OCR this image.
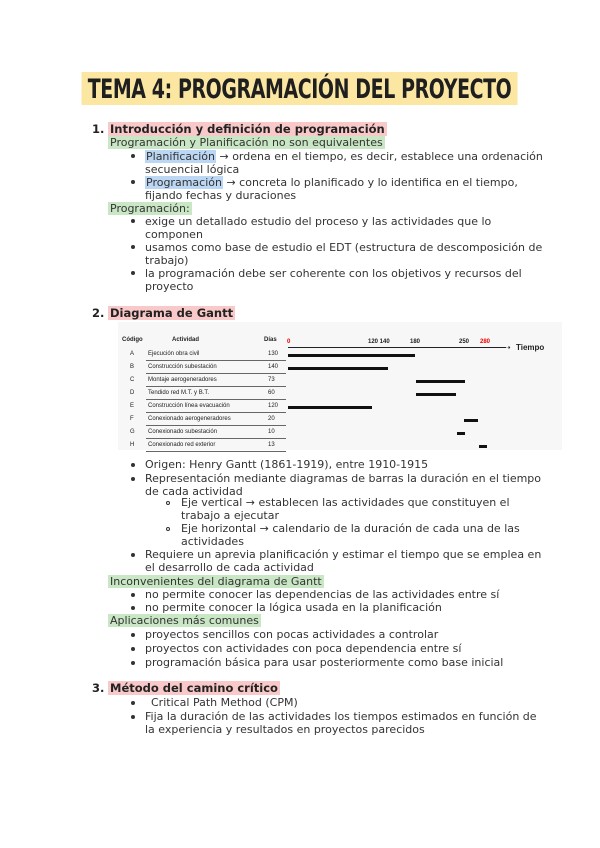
TEMA 4: PROGRAMACIÓN DEL PROYECTO
1. Introducción y definición de programación
Programación y Planificación no son equivalentes
Planificación → ordena en el tiempo, es decir, establece una ordenación
secuencial lógica
Programación → concreta lo planificado y lo identifica en el tiempo,
fijando fechas y duraciones
Programación:
exige un detallado estudio del proceso y las actividades que lo
componen
usamos como base de estudio el EDT (estructura de descomposición de
trabajo)
la programación debe ser coherente con los objetivos y recursos del
proyecto
2. Diagrama de Gantt
Código	Actividad	Días 0	120 140	180	250 280
➝ Tiempo
A Ejecución obra civil	130
B Construcción subestación	140
C Montaje aerogeneradores	73
D Tendido red M.T. y B.T.	60
E Construcción línea evacuación	120
F Conexionado aerogeneradores	20
G Conexionado subestación	10
H Conexionado red exterior	13
Origen: Henry Gantt (1861-1919), entre 1910-1915
Representación mediante diagramas de barras la duración en el tiempo
de cada actividad
Eje vertical → establecen las actividades que constituyen el
trabajo a ejecutar
Eje horizontal → calendario de la duración de cada una de las
actividades
Requiere un aprevia planificación y estimar el tiempo que se emplea en
el desarrollo de cada actividad
Inconvenientes del diagrama de Gantt
no permite conocer las dependencias de las actividades entre sí
no permite conocer la lógica usada en la planificación
Aplicaciones más comunes
proyectos sencillos con pocas actividades a controlar
proyectos con actividades con poca dependencia entre sí
programación básica para usar posteriormente como base inicial
3. Método del camino crítico
Critical Path Method (CPM)
Fija la duración de las actividades los tiempos estimados en función de
la experiencia y resultados en proyectos parecidos
